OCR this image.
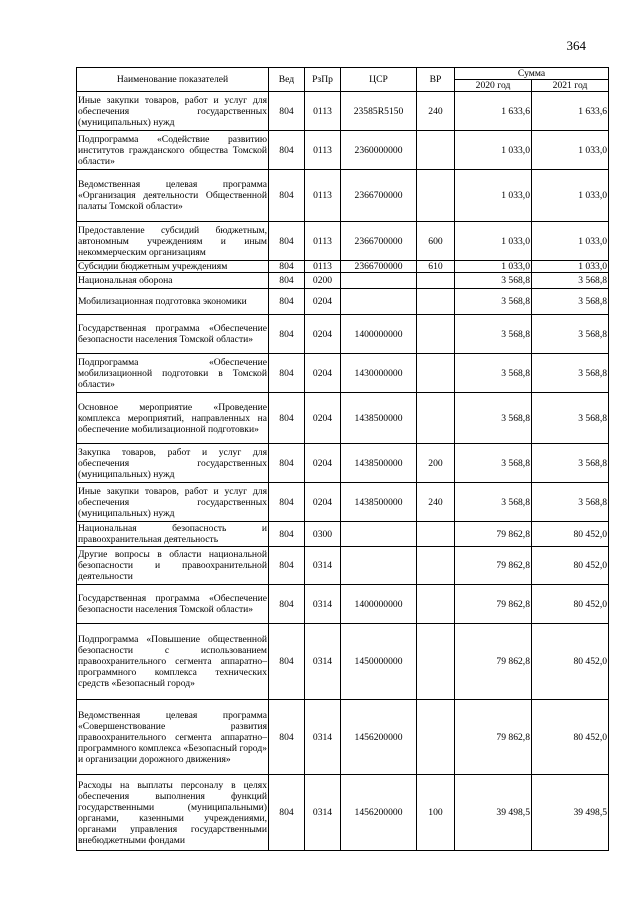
364
Наименование показателей	Вед	РзПр	ЦСР	ВР	Сумма	
					2020 год	2021 год
Иные закупки товаров, работ и услуг для обеспечения государственных (муниципальных) нужд	804	0113	23585R5150	240	1 633,6	1 633,6
Подпрограмма «Содействие развитию институтов гражданского общества Томской области»	804	0113	2360000000		1 033,0	1 033,0
Ведомственная целевая программа «Организация деятельности Общественной палаты Томской области»	804	0113	2366700000		1 033,0	1 033,0
Предоставление субсидий бюджетным, автономным учреждениям и иным некоммерческим организациям	804	0113	2366700000	600	1 033,0	1 033,0
Субсидии бюджетным учреждениям	804	0113	2366700000	610	1 033,0	1 033,0
Национальная оборона	804	0200			3 568,8	3 568,8
Мобилизационная подготовка экономики	804	0204			3 568,8	3 568,8
Государственная программа «Обеспечение безопасности населения Томской области»	804	0204	1400000000		3 568,8	3 568,8
Подпрограмма «Обеспечение мобилизационной подготовки в Томской области»	804	0204	1430000000		3 568,8	3 568,8
Основное мероприятие «Проведение комплекса мероприятий, направленных на обеспечение мобилизационной подготовки»	804	0204	1438500000		3 568,8	3 568,8
Закупка товаров, работ и услуг для обеспечения государственных (муниципальных) нужд	804	0204	1438500000	200	3 568,8	3 568,8
Иные закупки товаров, работ и услуг для обеспечения государственных (муниципальных) нужд	804	0204	1438500000	240	3 568,8	3 568,8
Национальная безопасность и правоохранительная деятельность	804	0300			79 862,8	80 452,0
Другие вопросы в области национальной безопасности и правоохранительной деятельности	804	0314			79 862,8	80 452,0
Государственная программа «Обеспечение безопасности населения Томской области»	804	0314	1400000000		79 862,8	80 452,0
Подпрограмма «Повышение общественной безопасности с использованием правоохранительного сегмента аппаратно–программного комплекса технических средств «Безопасный город»	804	0314	1450000000		79 862,8	80 452,0
Ведомственная целевая программа «Совершенствование развития правоохранительного сегмента аппаратно–программного комплекса «Безопасный город» и организации дорожного движения»	804	0314	1456200000		79 862,8	80 452,0
Расходы на выплаты персоналу в целях обеспечения выполнения функций государственными (муниципальными) органами, казенными учреждениями, органами управления государственными внебюджетными фондами	804	0314	1456200000	100	39 498,5	39 498,5
